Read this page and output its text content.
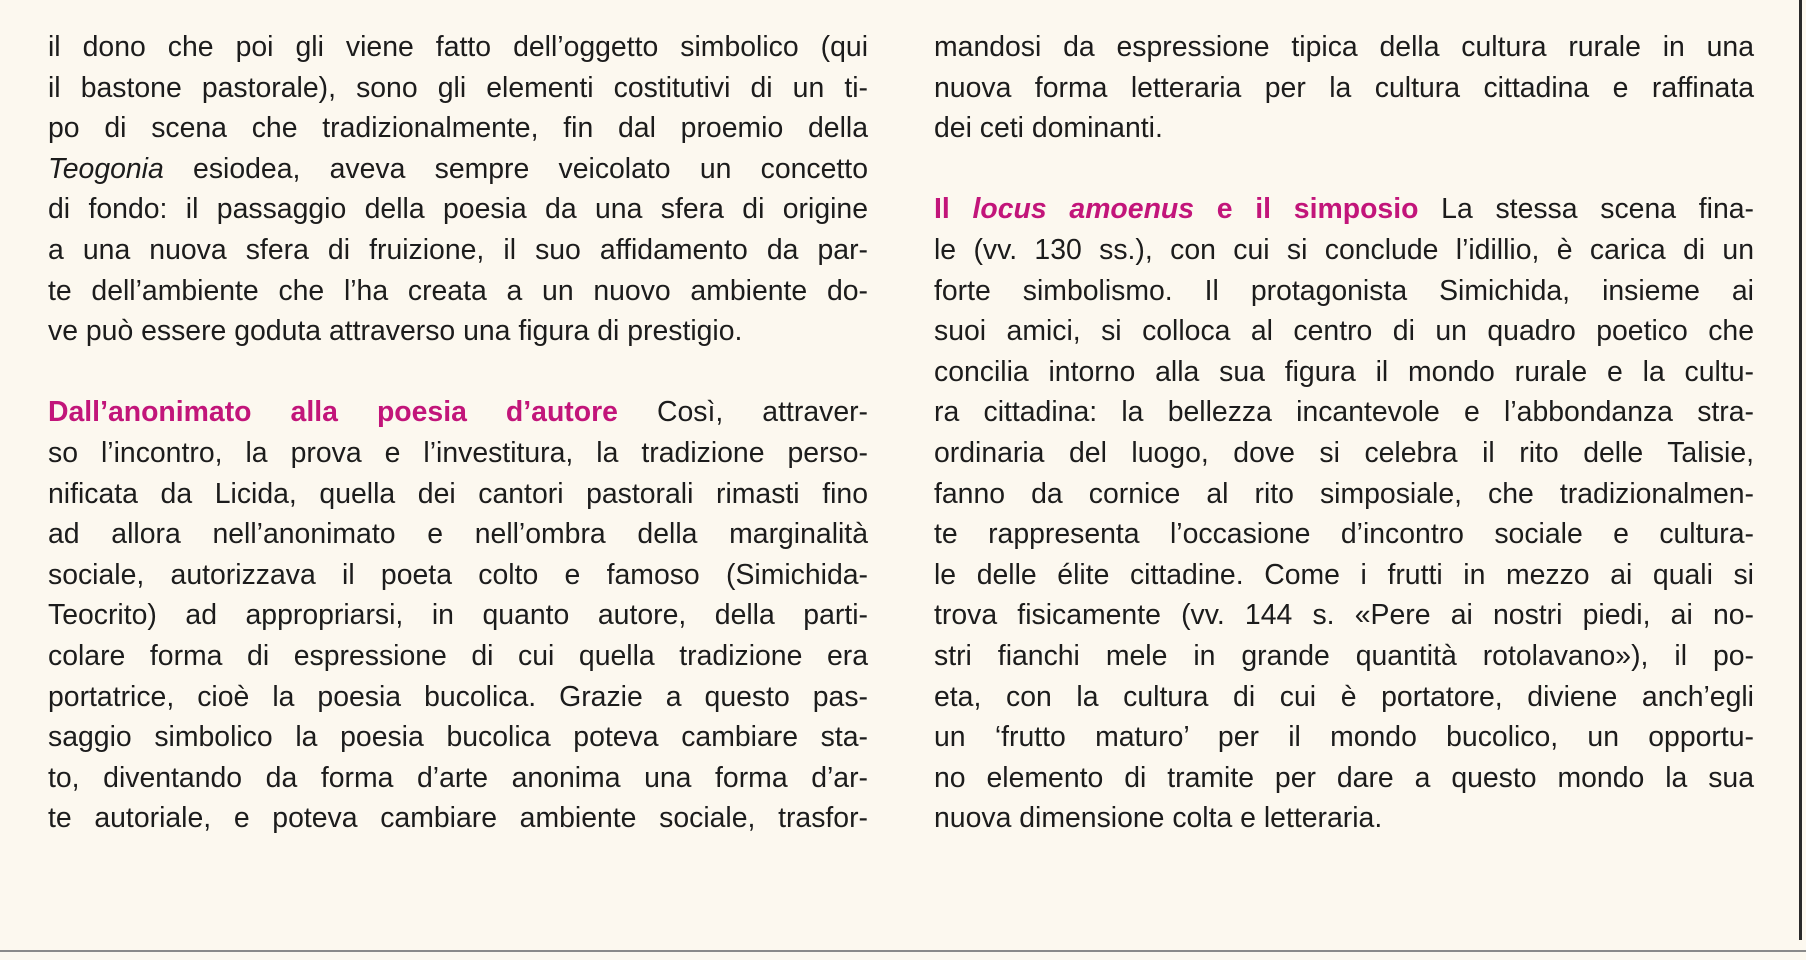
il dono che poi gli viene fatto dell’oggetto simbolico (qui
il bastone pastorale), sono gli elementi costitutivi di un ti-
po di scena che tradizionalmente, fin dal proemio della
Teogonia esiodea, aveva sempre veicolato un concetto
di fondo: il passaggio della poesia da una sfera di origine
a una nuova sfera di fruizione, il suo affidamento da par-
te dell’ambiente che l’ha creata a un nuovo ambiente do-
ve può essere goduta attraverso una figura di prestigio.
Dall’anonimato alla poesia d’autore Così, attraver-
so l’incontro, la prova e l’investitura, la tradizione perso-
nificata da Licida, quella dei cantori pastorali rimasti fino
ad allora nell’anonimato e nell’ombra della marginalità
sociale, autorizzava il poeta colto e famoso (Simichida-
Teocrito) ad appropriarsi, in quanto autore, della parti-
colare forma di espressione di cui quella tradizione era
portatrice, cioè la poesia bucolica. Grazie a questo pas-
saggio simbolico la poesia bucolica poteva cambiare sta-
to, diventando da forma d’arte anonima una forma d’ar-
te autoriale, e poteva cambiare ambiente sociale, trasfor-
mandosi da espressione tipica della cultura rurale in una
nuova forma letteraria per la cultura cittadina e raffinata
dei ceti dominanti.
Il locus amoenus e il simposio La stessa scena fina-
le (vv. 130 ss.), con cui si conclude l’idillio, è carica di un
forte simbolismo. Il protagonista Simichida, insieme ai
suoi amici, si colloca al centro di un quadro poetico che
concilia intorno alla sua figura il mondo rurale e la cultu-
ra cittadina: la bellezza incantevole e l’abbondanza stra-
ordinaria del luogo, dove si celebra il rito delle Talisie,
fanno da cornice al rito simposiale, che tradizionalmen-
te rappresenta l’occasione d’incontro sociale e cultura-
le delle élite cittadine. Come i frutti in mezzo ai quali si
trova fisicamente (vv. 144 s. «Pere ai nostri piedi, ai no-
stri fianchi mele in grande quantità rotolavano»), il po-
eta, con la cultura di cui è portatore, diviene anch’egli
un ‘frutto maturo’ per il mondo bucolico, un opportu-
no elemento di tramite per dare a questo mondo la sua
nuova dimensione colta e letteraria.
